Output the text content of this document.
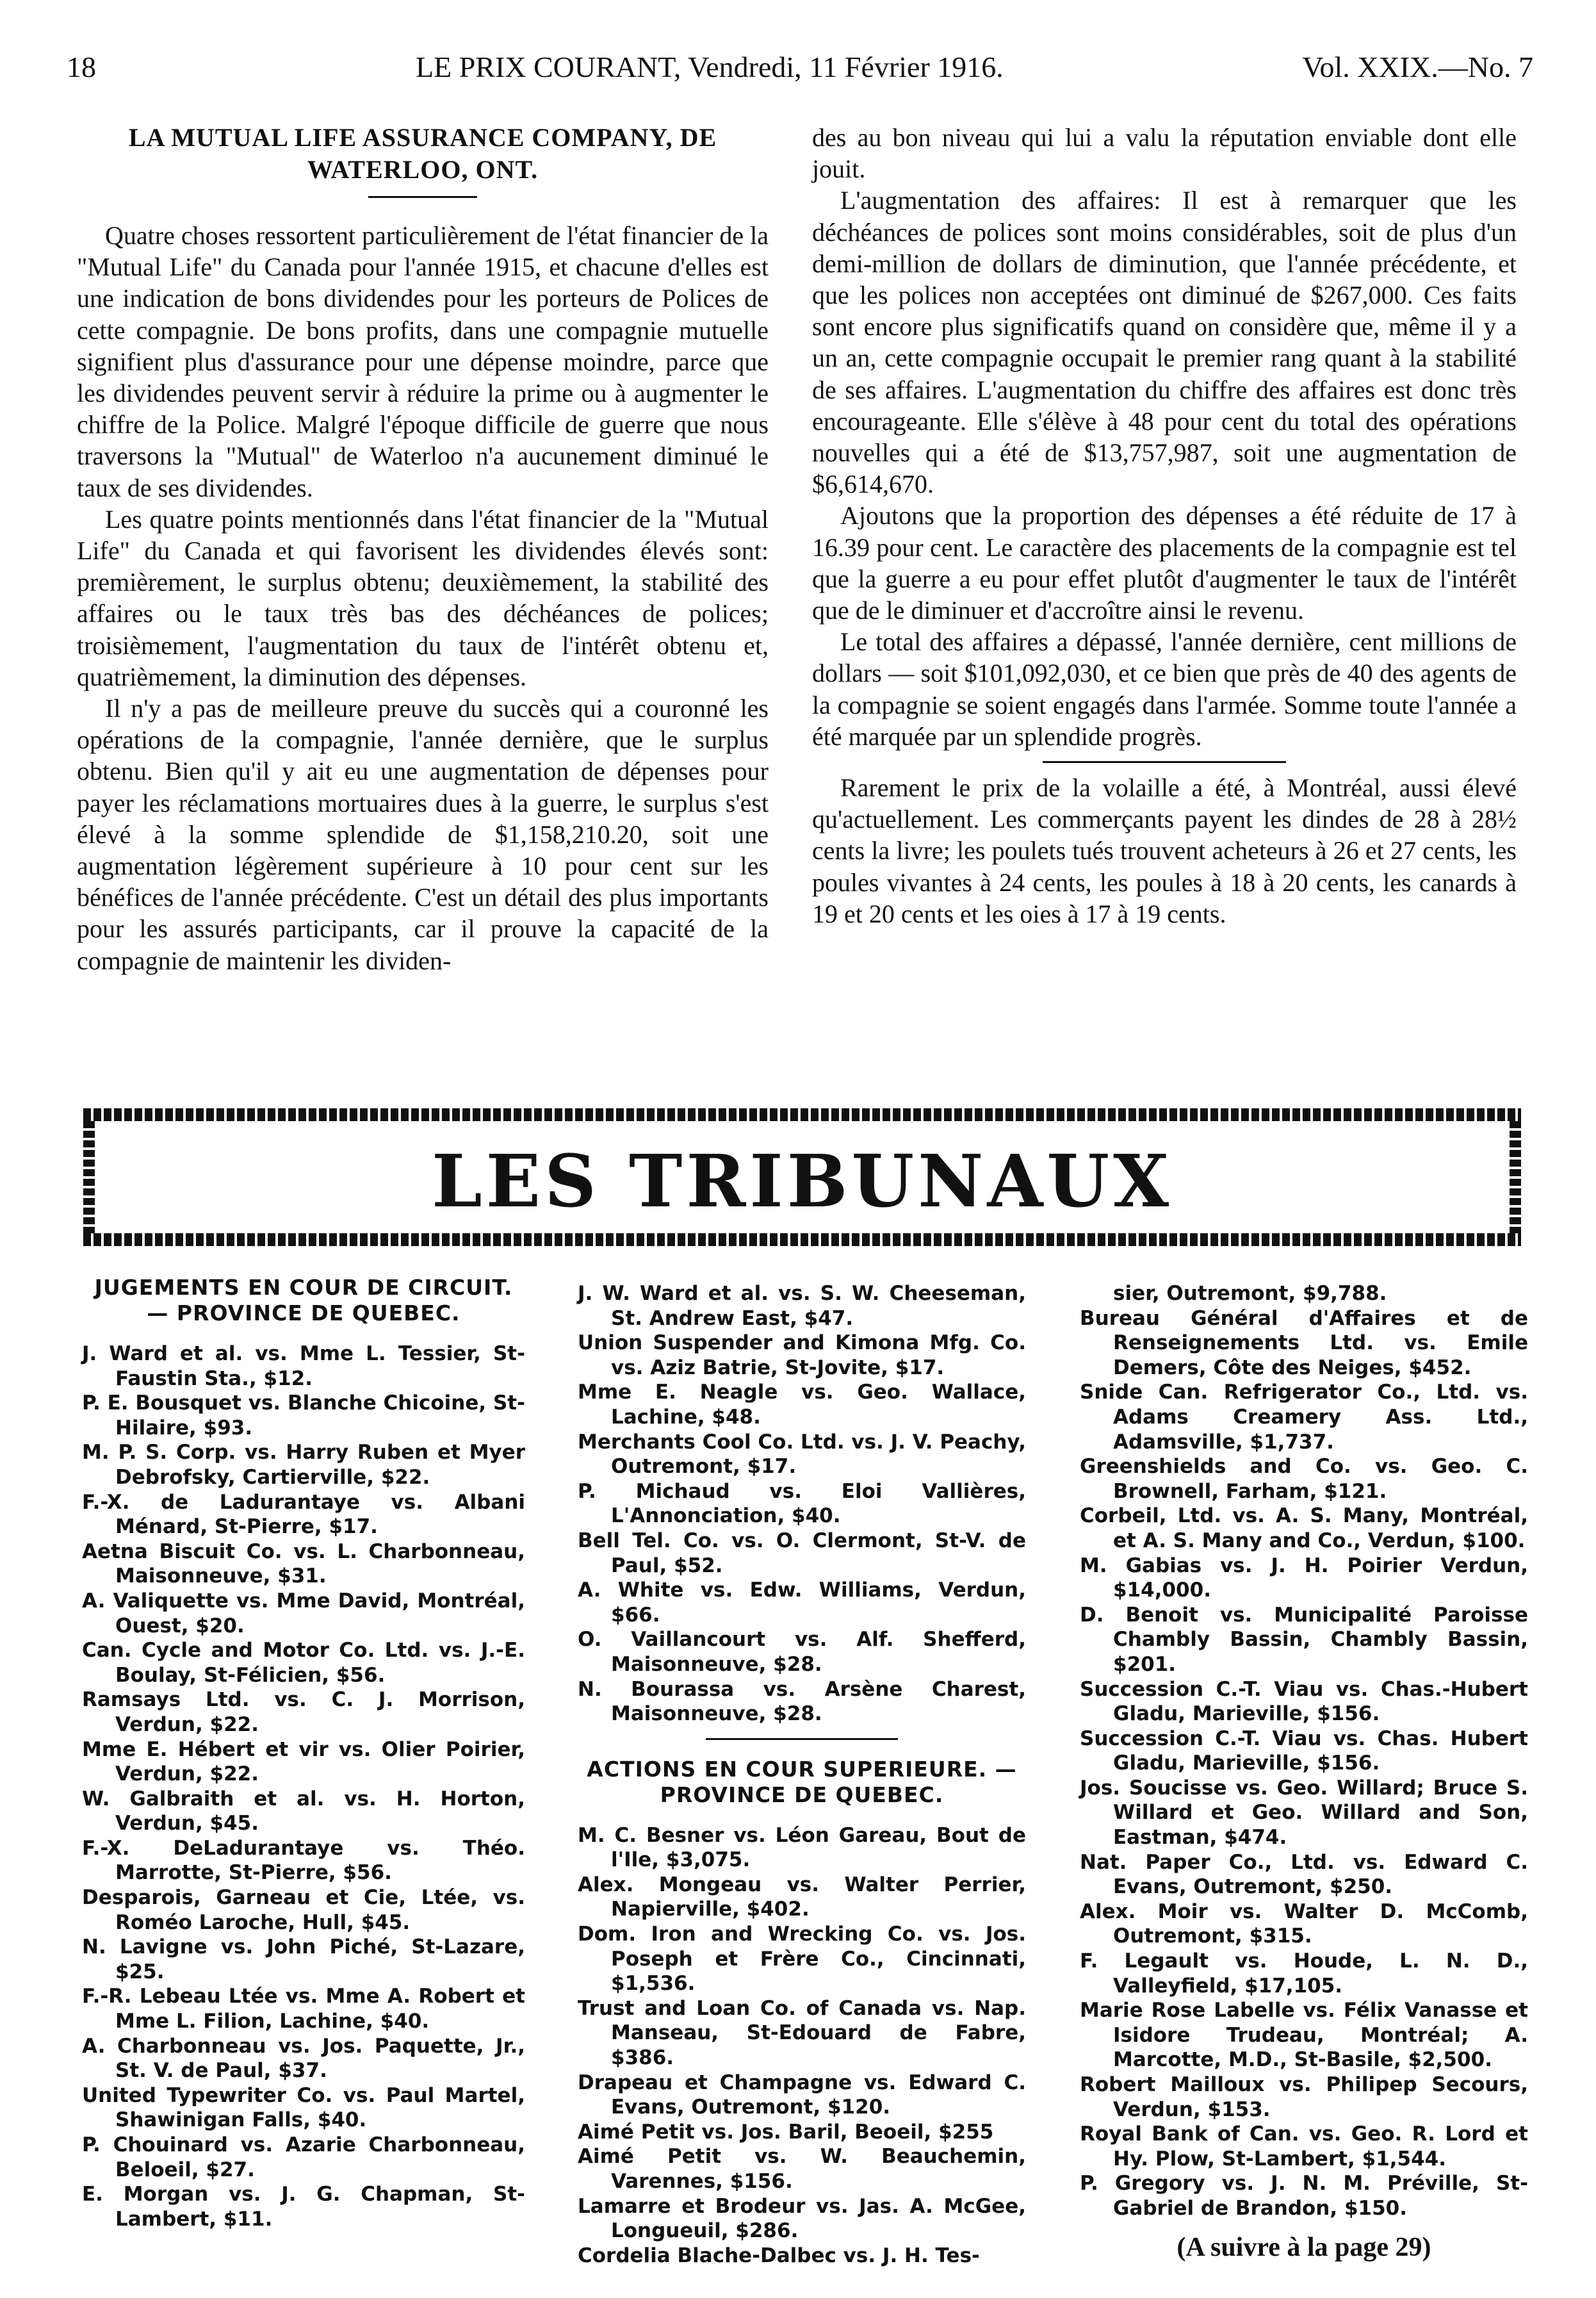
18	LE PRIX COURANT, Vendredi, 11 Février 1916.	Vol. XXIX.—No. 7
LA MUTUAL LIFE ASSURANCE COMPANY, DE WATERLOO, ONT.

Quatre choses ressortent particulièrement de l'état financier de la "Mutual Life" du Canada pour l'année 1915, et chacune d'elles est une indication de bons dividendes pour les porteurs de Polices de cette compagnie. De bons profits, dans une compagnie mutuelle signifient plus d'assurance pour une dépense moindre, parce que les dividendes peuvent servir à réduire la prime ou à augmenter le chiffre de la Police. Malgré l'époque difficile de guerre que nous traversons la "Mutual" de Waterloo n'a aucunement diminué le taux de ses dividendes.

Les quatre points mentionnés dans l'état financier de la "Mutual Life" du Canada et qui favorisent les dividendes élevés sont: premièrement, le surplus obtenu; deuxièmement, la stabilité des affaires ou le taux très bas des déchéances de polices; troisièmement, l'augmentation du taux de l'intérêt obtenu et, quatrièmement, la diminution des dépenses.

Il n'y a pas de meilleure preuve du succès qui a couronné les opérations de la compagnie, l'année dernière, que le surplus obtenu. Bien qu'il y ait eu une augmentation de dépenses pour payer les réclamations mortuaires dues à la guerre, le surplus s'est élevé à la somme splendide de $1,158,210.20, soit une augmentation légèrement supérieure à 10 pour cent sur les bénéfices de l'année précédente. C'est un détail des plus importants pour les assurés participants, car il prouve la capacité de la compagnie de maintenir les dividen-

des au bon niveau qui lui a valu la réputation enviable dont elle jouit.

L'augmentation des affaires: Il est à remarquer que les déchéances de polices sont moins considérables, soit de plus d'un demi-million de dollars de diminution, que l'année précédente, et que les polices non acceptées ont diminué de $267,000. Ces faits sont encore plus significatifs quand on considère que, même il y a un an, cette compagnie occupait le premier rang quant à la stabilité de ses affaires. L'augmentation du chiffre des affaires est donc très encourageante. Elle s'élève à 48 pour cent du total des opérations nouvelles qui a été de $13,757,987, soit une augmentation de $6,614,670.

Ajoutons que la proportion des dépenses a été réduite de 17 à 16.39 pour cent. Le caractère des placements de la compagnie est tel que la guerre a eu pour effet plutôt d'augmenter le taux de l'intérêt que de le diminuer et d'accroître ainsi le revenu.

Le total des affaires a dépassé, l'année dernière, cent millions de dollars — soit $101,092,030, et ce bien que près de 40 des agents de la compagnie se soient engagés dans l'armée. Somme toute l'année a été marquée par un splendide progrès.

Rarement le prix de la volaille a été, à Montréal, aussi élevé qu'actuellement. Les commerçants payent les dindes de 28 à 28½ cents la livre; les poulets tués trouvent acheteurs à 26 et 27 cents, les poules vivantes à 24 cents, les poules à 18 à 20 cents, les canards à 19 et 20 cents et les oies à 17 à 19 cents.

LES TRIBUNAUX
JUGEMENTS EN COUR DE CIRCUIT. — PROVINCE DE QUEBEC.

J. Ward et al. vs. Mme L. Tessier, St-Faustin Sta., $12.

P. E. Bousquet vs. Blanche Chicoine, St-Hilaire, $93.

M. P. S. Corp. vs. Harry Ruben et Myer Debrofsky, Cartierville, $22.

F.-X. de Ladurantaye vs. Albani Ménard, St-Pierre, $17.

Aetna Biscuit Co. vs. L. Charbonneau, Maisonneuve, $31.

A. Valiquette vs. Mme David, Montréal, Ouest, $20.

Can. Cycle and Motor Co. Ltd. vs. J.-E. Boulay, St-Félicien, $56.

Ramsays Ltd. vs. C. J. Morrison, Verdun, $22.

Mme E. Hébert et vir vs. Olier Poirier, Verdun, $22.

W. Galbraith et al. vs. H. Horton, Verdun, $45.

F.-X. DeLadurantaye vs. Théo. Marrotte, St-Pierre, $56.

Desparois, Garneau et Cie, Ltée, vs. Roméo Laroche, Hull, $45.

N. Lavigne vs. John Piché, St-Lazare, $25.

F.-R. Lebeau Ltée vs. Mme A. Robert et Mme L. Filion, Lachine, $40.

A. Charbonneau vs. Jos. Paquette, Jr., St. V. de Paul, $37.

United Typewriter Co. vs. Paul Martel, Shawinigan Falls, $40.

P. Chouinard vs. Azarie Charbonneau, Beloeil, $27.

E. Morgan vs. J. G. Chapman, St-Lambert, $11.

J. W. Ward et al. vs. S. W. Cheeseman, St. Andrew East, $47.

Union Suspender and Kimona Mfg. Co. vs. Aziz Batrie, St-Jovite, $17.

Mme E. Neagle vs. Geo. Wallace, Lachine, $48.

Merchants Cool Co. Ltd. vs. J. V. Peachy, Outremont, $17.

P. Michaud vs. Eloi Vallières, L'Annonciation, $40.

Bell Tel. Co. vs. O. Clermont, St-V. de Paul, $52.

A. White vs. Edw. Williams, Verdun, $66.

O. Vaillancourt vs. Alf. Shefferd, Maisonneuve, $28.

N. Bourassa vs. Arsène Charest, Maisonneuve, $28.

ACTIONS EN COUR SUPERIEURE. — PROVINCE DE QUEBEC.

M. C. Besner vs. Léon Gareau, Bout de l'Ile, $3,075.

Alex. Mongeau vs. Walter Perrier, Napierville, $402.

Dom. Iron and Wrecking Co. vs. Jos. Poseph et Frère Co., Cincinnati, $1,536.

Trust and Loan Co. of Canada vs. Nap. Manseau, St-Edouard de Fabre, $386.

Drapeau et Champagne vs. Edward C. Evans, Outremont, $120.

Aimé Petit vs. Jos. Baril, Beoeil, $255

Aimé Petit vs. W. Beauchemin, Varennes, $156.

Lamarre et Brodeur vs. Jas. A. McGee, Longueuil, $286.

Cordelia Blache-Dalbec vs. J. H. Tes-

sier, Outremont, $9,788.

Bureau Général d'Affaires et de Renseignements Ltd. vs. Emile Demers, Côte des Neiges, $452.

Snide Can. Refrigerator Co., Ltd. vs. Adams Creamery Ass. Ltd., Adamsville, $1,737.

Greenshields and Co. vs. Geo. C. Brownell, Farham, $121.

Corbeil, Ltd. vs. A. S. Many, Montréal, et A. S. Many and Co., Verdun, $100.

M. Gabias vs. J. H. Poirier Verdun, $14,000.

D. Benoit vs. Municipalité Paroisse Chambly Bassin, Chambly Bassin, $201.

Succession C.-T. Viau vs. Chas.-Hubert Gladu, Marieville, $156.

Succession C.-T. Viau vs. Chas. Hubert Gladu, Marieville, $156.

Jos. Soucisse vs. Geo. Willard; Bruce S. Willard et Geo. Willard and Son, Eastman, $474.

Nat. Paper Co., Ltd. vs. Edward C. Evans, Outremont, $250.

Alex. Moir vs. Walter D. McComb, Outremont, $315.

F. Legault vs. Houde, L. N. D., Valleyfield, $17,105.

Marie Rose Labelle vs. Félix Vanasse et Isidore Trudeau, Montréal; A. Marcotte, M.D., St-Basile, $2,500.

Robert Mailloux vs. Philipep Secours, Verdun, $153.

Royal Bank of Can. vs. Geo. R. Lord et Hy. Plow, St-Lambert, $1,544.

P. Gregory vs. J. N. M. Préville, St-Gabriel de Brandon, $150.

(A suivre à la page 29)
